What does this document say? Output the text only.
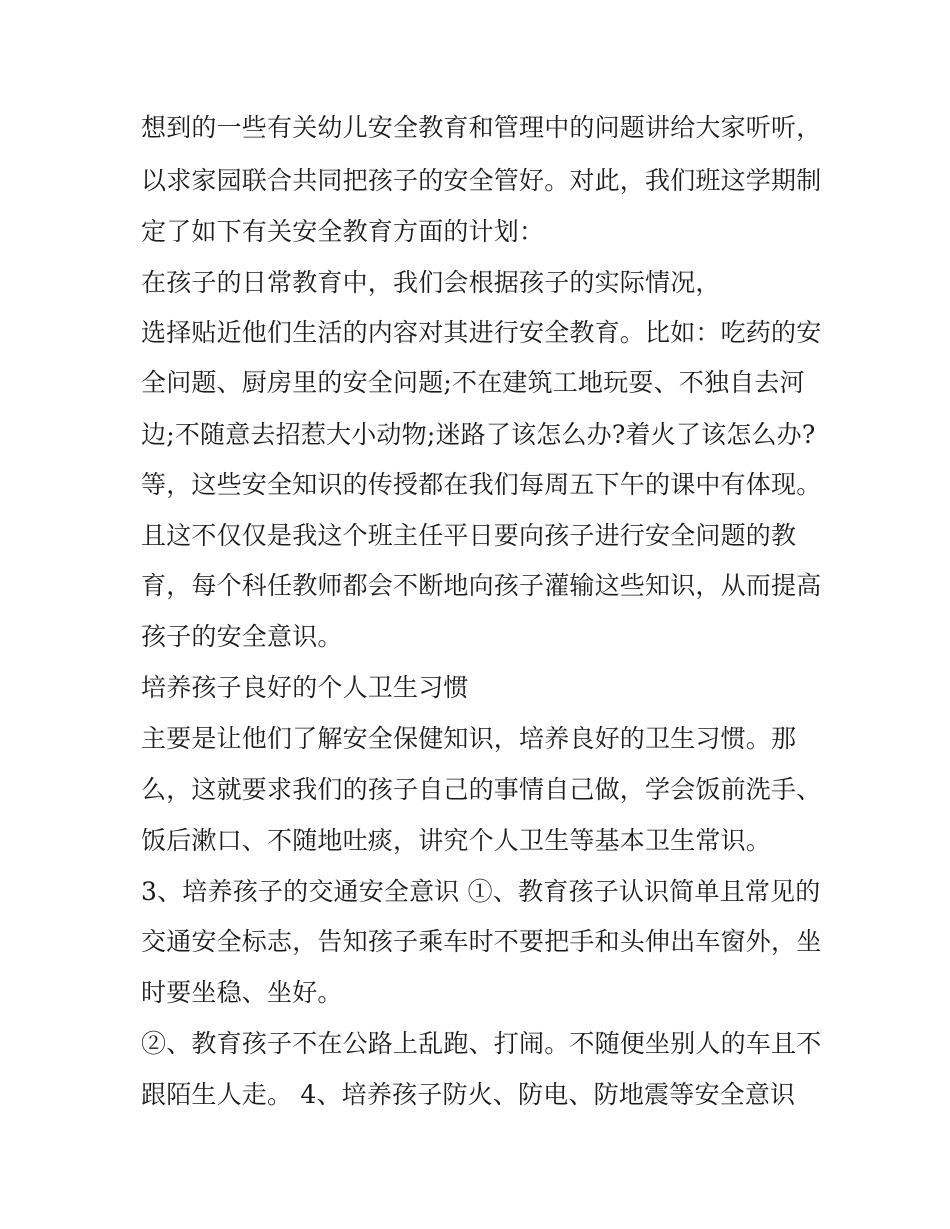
想到的一些有关幼儿安全教育和管理中的问题讲给大家听听，
以求家园联合共同把孩子的安全管好。对此，我们班这学期制
定了如下有关安全教育方面的计划：
在孩子的日常教育中，我们会根据孩子的实际情况，
选择贴近他们生活的内容对其进行安全教育。比如：吃药的安
全问题、厨房里的安全问题;不在建筑工地玩耍、不独自去河
边;不随意去招惹大小动物;迷路了该怎么办?着火了该怎么办?
等，这些安全知识的传授都在我们每周五下午的课中有体现。
且这不仅仅是我这个班主任平日要向孩子进行安全问题的教
育，每个科任教师都会不断地向孩子灌输这些知识，从而提高
孩子的安全意识。
培养孩子良好的个人卫生习惯
主要是让他们了解安全保健知识，培养良好的卫生习惯。那
么，这就要求我们的孩子自己的事情自己做，学会饭前洗手、
饭后漱口、不随地吐痰，讲究个人卫生等基本卫生常识。
3、培养孩子的交通安全意识 ①、教育孩子认识简单且常见的
交通安全标志，告知孩子乘车时不要把手和头伸出车窗外，坐
时要坐稳、坐好。
②、教育孩子不在公路上乱跑、打闹。不随便坐别人的车且不
跟陌生人走。 4、培养孩子防火、防电、防地震等安全意识
